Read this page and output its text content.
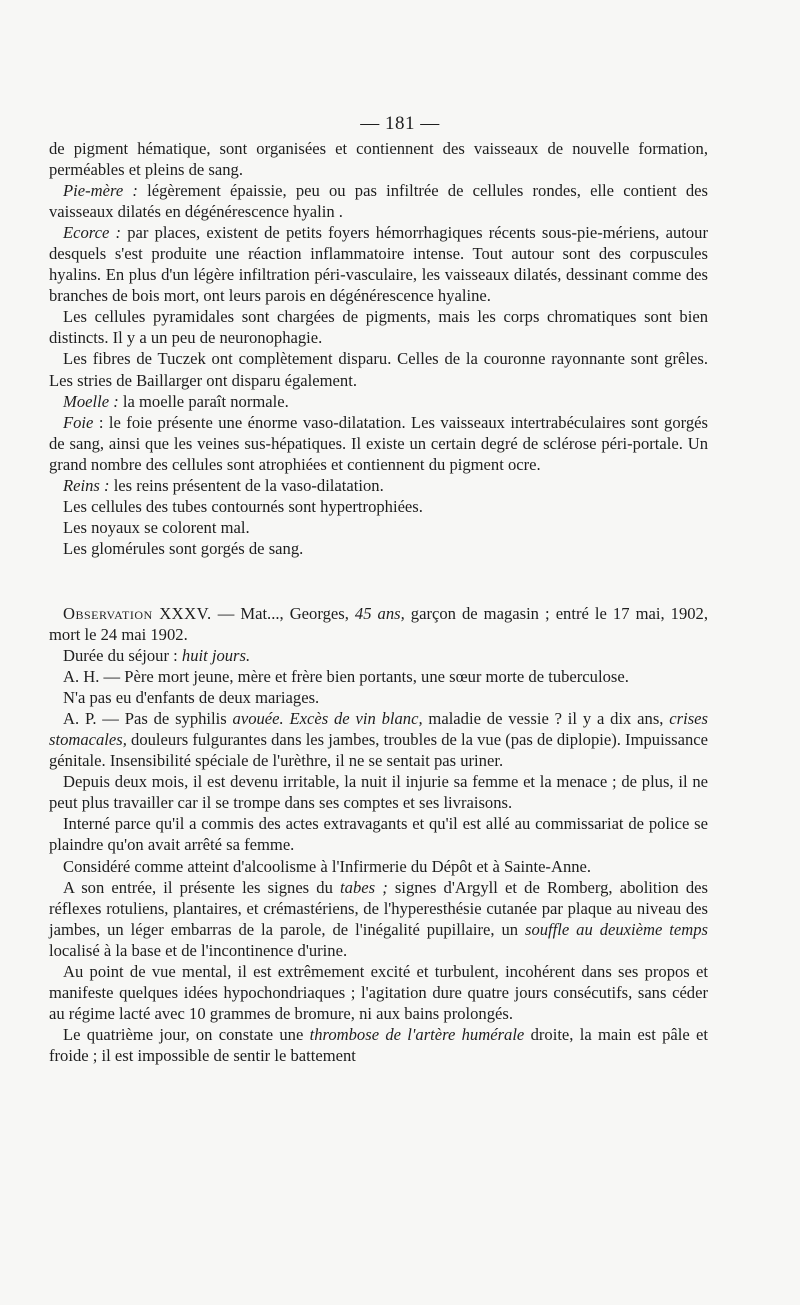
— 181 —

de pigment hématique, sont organisées et contiennent des vaisseaux de nouvelle formation, perméables et pleins de sang.

Pie-mère : légèrement épaissie, peu ou pas infiltrée de cellules rondes, elle contient des vaisseaux dilatés en dégénérescence hyalin .

Ecorce : par places, existent de petits foyers hémorrhagiques récents sous-pie-mériens, autour desquels s'est produite une réaction inflammatoire intense. Tout autour sont des corpuscules hyalins. En plus d'un légère infiltration péri-vasculaire, les vaisseaux dilatés, dessinant comme des branches de bois mort, ont leurs parois en dégénérescence hyaline.

Les cellules pyramidales sont chargées de pigments, mais les corps chromatiques sont bien distincts. Il y a un peu de neuronophagie.

Les fibres de Tuczek ont complètement disparu. Celles de la couronne rayonnante sont grêles. Les stries de Baillarger ont disparu également.

Moelle : la moelle paraît normale.

Foie : le foie présente une énorme vaso-dilatation. Les vaisseaux intertrabéculaires sont gorgés de sang, ainsi que les veines sus-hépatiques. Il existe un certain degré de sclérose péri-portale. Un grand nombre des cellules sont atrophiées et contiennent du pigment ocre.

Reins : les reins présentent de la vaso-dilatation.

Les cellules des tubes contournés sont hypertrophiées.

Les noyaux se colorent mal.

Les glomérules sont gorgés de sang.

Observation XXXV. — Mat..., Georges, 45 ans, garçon de magasin ; entré le 17 mai, 1902, mort le 24 mai 1902.

Durée du séjour : huit jours.

A. H. — Père mort jeune, mère et frère bien portants, une sœur morte de tuberculose.

N'a pas eu d'enfants de deux mariages.

A. P. — Pas de syphilis avouée. Excès de vin blanc, maladie de vessie ? il y a dix ans, crises stomacales, douleurs fulgurantes dans les jambes, troubles de la vue (pas de diplopie). Impuissance génitale. Insensibilité spéciale de l'urèthre, il ne se sentait pas uriner.

Depuis deux mois, il est devenu irritable, la nuit il injurie sa femme et la menace ; de plus, il ne peut plus travailler car il se trompe dans ses comptes et ses livraisons.

Interné parce qu'il a commis des actes extravagants et qu'il est allé au commissariat de police se plaindre qu'on avait arrêté sa femme.

Considéré comme atteint d'alcoolisme à l'Infirmerie du Dépôt et à Sainte-Anne.

A son entrée, il présente les signes du tabes ; signes d'Argyll et de Romberg, abolition des réflexes rotuliens, plantaires, et crémastériens, de l'hyperesthésie cutanée par plaque au niveau des jambes, un léger embarras de la parole, de l'inégalité pupillaire, un souffle au deuxième temps localisé à la base et de l'incontinence d'urine.

Au point de vue mental, il est extrêmement excité et turbulent, incohérent dans ses propos et manifeste quelques idées hypochondriaques ; l'agitation dure quatre jours consécutifs, sans céder au régime lacté avec 10 grammes de bromure, ni aux bains prolongés.

Le quatrième jour, on constate une thrombose de l'artère humérale droite, la main est pâle et froide ; il est impossible de sentir le battement
